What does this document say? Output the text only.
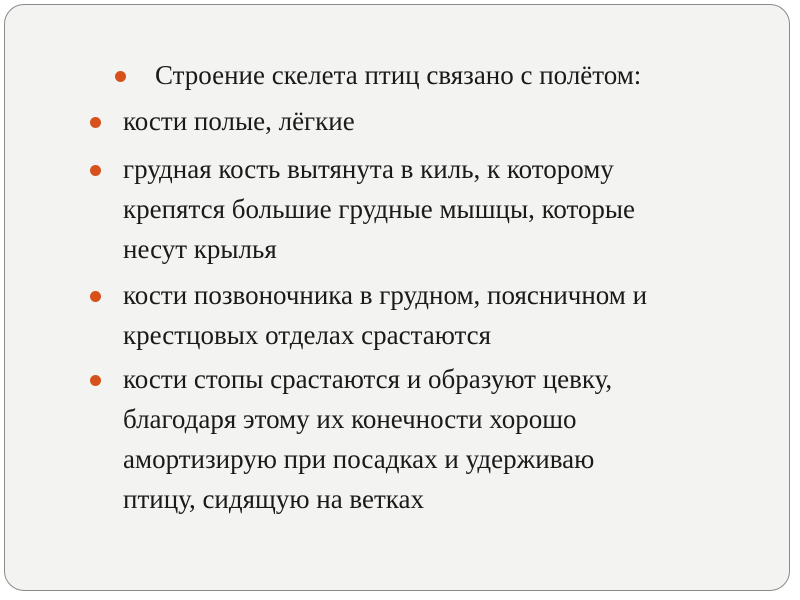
Строение скелета птиц связано с полётом:
кости полые, лёгкие
грудная кость вытянута в киль, к которому
крепятся большие грудные мышцы, которые
несут крылья
кости позвоночника в грудном, поясничном и
крестцовых отделах срастаются
кости стопы срастаются и образуют цевку,
благодаря этому их конечности хорошо
амортизирую при посадках и удерживаю
птицу, сидящую на ветках
